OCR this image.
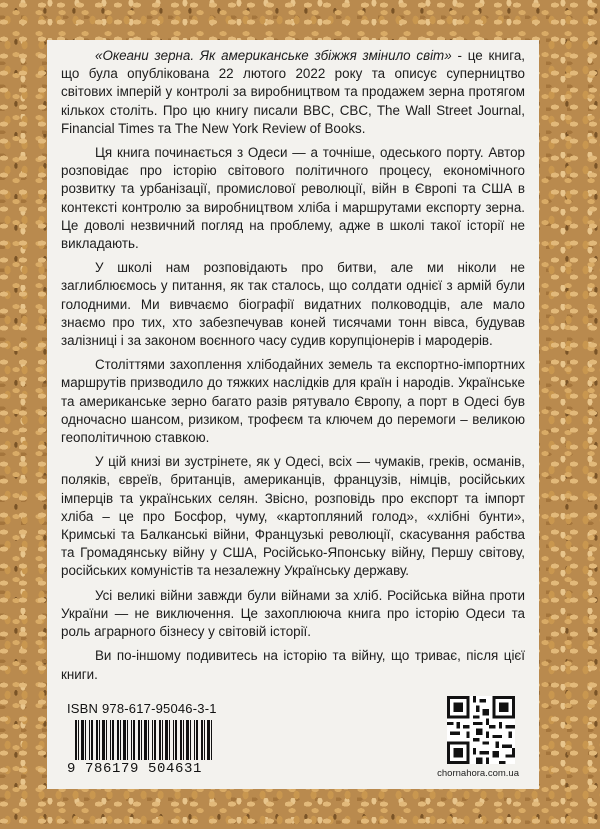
«Океани зерна. Як американське збіжжя змінило світ» - це книга, що була опублікована 22 лютого 2022 року та описує суперництво світових імперій у контролі за виробництвом та продажем зерна протягом кількох століть. Про цю книгу писали BBC, CBC, The Wall Street Journal, Financial Times та The New York Review of Books.

Ця книга починається з Одеси — а точніше, одеського порту. Автор розповідає про історію світового політичного процесу, економічного розвитку та урбанізації, промислової революції, війн в Європі та США в контексті контролю за виробництвом хліба і маршрутами експорту зерна. Це доволі незвичний погляд на проблему, адже в школі такої історії не викладають.

У школі нам розповідають про битви, але ми ніколи не заглиблюємось у питання, як так сталось, що солдати однієї з армій були голодними. Ми вивчаємо біографії видатних полководців, але мало знаємо про тих, хто забезпечував коней тисячами тонн вівса, будував залізниці і за законом воєнного часу судив корупціонерів і мародерів.

Століттями захоплення хлібодайних земель та експортно-імпортних маршрутів призводило до тяжких наслідків для країн і народів. Українське та американське зерно багато разів рятувало Європу, а порт в Одесі був одночасно шансом, ризиком, трофеєм та ключем до перемоги – великою геополітичною ставкою.

У цій книзі ви зустрінете, як у Одесі, всіх — чумаків, греків, османів, поляків, євреїв, британців, американців, французів, німців, російських імперців та українських селян. Звісно, розповідь про експорт та імпорт хліба – це про Босфор, чуму, «картопляний голод», «хлібні бунти», Кримські та Балканські війни, Французькі революції, скасування рабства та Громадянську війну у США, Російсько-Японську війну, Першу світову, російських комуністів та незалежну Українську державу.

Усі великі війни завжди були війнами за хліб. Російська війна проти України — не виключення. Це захоплююча книга про історію Одеси та роль аграрного бізнесу у світовій історії.

Ви по-іншому подивитесь на історію та війну, що триває, після цієї книги.

ISBN 978-617-95046-3-1
9 786179 504631	chornahora.com.ua
